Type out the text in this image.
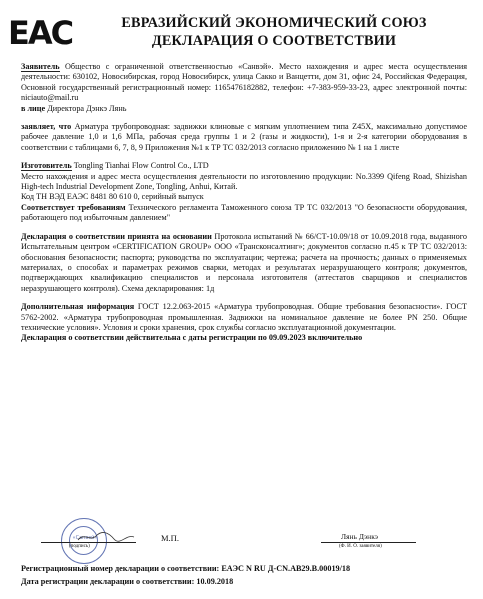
EAC	ЕВРАЗИЙСКИЙ ЭКОНОМИЧЕСКИЙ СОЮЗ
ДЕКЛАРАЦИЯ О СООТВЕТСТВИИ

Заявитель Общество с ограниченной ответственностью «Санвэй». Место нахождения и адрес места осуществления деятельности: 630102, Новосибирская, город Новосибирск, улица Сакко и Ванцетти, дом 31, офис 24, Российская Федерация, Основной государственный регистрационный номер: 1165476182882, телефон: +7-383-959-33-23, адрес электронной почты: niciauto@mail.ru

в лице Директора Дэнкэ Лянь

заявляет, что Арматура трубопроводная: задвижки клиновые с мягким уплотнением типа Z45X, максимально допустимое рабочее давление 1,0 и 1,6 МПа, рабочая среда группы 1 и 2 (газы и жидкости), 1-я и 2-я категории оборудования в соответствии с таблицами 6, 7, 8, 9 Приложения №1 к ТР ТС 032/2013 согласно приложению № 1 на 1 листе

Изготовитель Tongling Tianhai Flow Control Co., LTD

Место нахождения и адрес места осуществления деятельности по изготовлению продукции: No.3399 Qifeng Road, Shizishan High-tech Industrial Development Zone, Tongling, Anhui, Китай.

Код ТН ВЭД ЕАЭС 8481 80 610 0, серийный выпуск

Соответствует требованиям Технического регламента Таможенного союза ТР ТС 032/2013 "О безопасности оборудования, работающего под избыточным давлением"

Декларация о соответствии принята на основании Протокола испытаний № 66/СТ-10.09/18 от 10.09.2018 года, выданного Испытательным центром «CERTIFICATION GROUP» ООО «Трансконсалтинг»; документов согласно п.45 к ТР ТС 032/2013: обоснования безопасности; паспорта; руководства по эксплуатации; чертежа; расчета на прочность; данных о применяемых материалах, о способах и параметрах режимов сварки, методах и результатах неразрушающего контроля; документов, подтверждающих квалификацию специалистов и персонала изготовителя (аттестатов сварщиков и специалистов неразрушающего контроля). Схема декларирования: 1д

Дополнительная информация ГОСТ 12.2.063-2015 «Арматура трубопроводная. Общие требования безопасности». ГОСТ 5762-2002. «Арматура трубопроводная промышленная. Задвижки на номинальное давление не более PN 250. Общие технические условия». Условия и сроки хранения, срок службы согласно эксплуатационной документации.

Декларация о соответствии действительна с даты регистрации по 09.09.2023 включительно

«Санвэй»
(подпись)
М.П.	Лянь Дэнкэ
(Ф. И. О. заявителя)
Регистрационный номер декларации о соответствии: ЕАЭС N RU Д-CN.АВ29.В.00019/18
Дата регистрации декларации о соответствии: 10.09.2018
